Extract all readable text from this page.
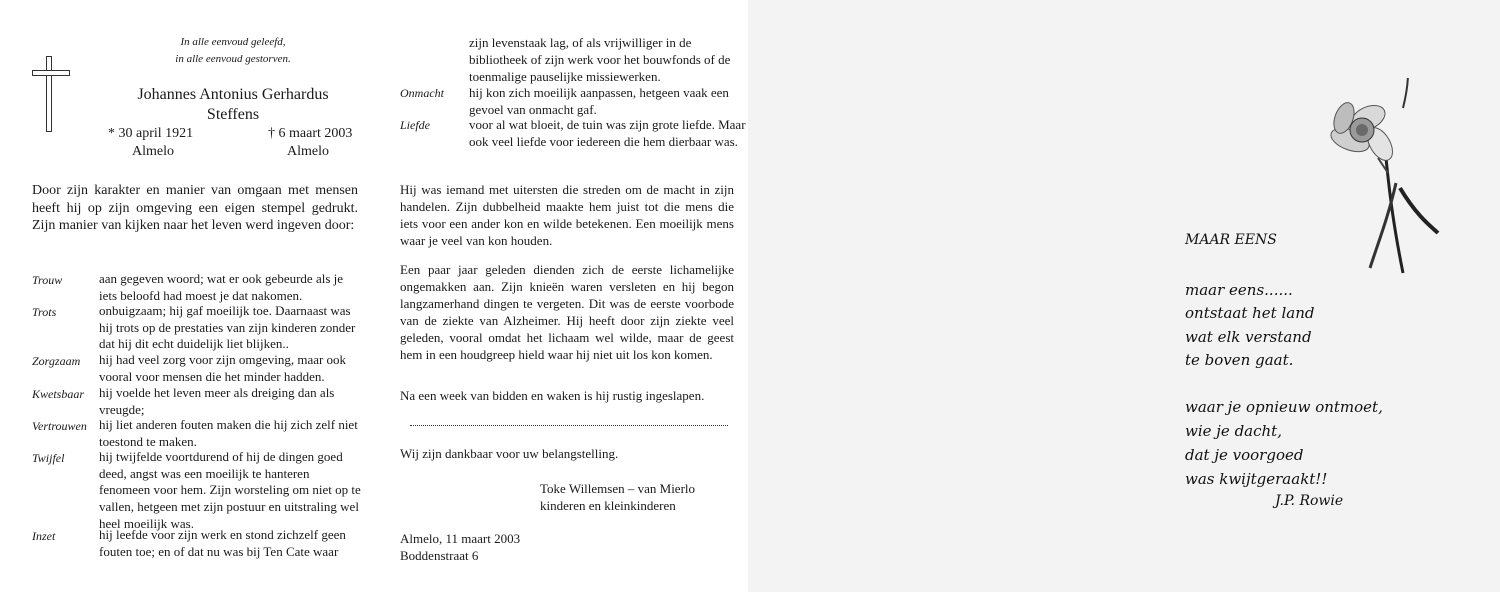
In alle eenvoud geleefd,
in alle eenvoud gestorven.
Johannes Antonius Gerhardus
Steffens
* 30 april 1921
Almelo
† 6 maart 2003
Almelo
Door zijn karakter en manier van omgaan met mensen heeft hij op zijn omgeving een eigen stempel gedrukt. Zijn manier van kijken naar het leven werd ingeven door:
Trouw	aan gegeven woord; wat er ook gebeurde als je iets beloofd had moest je dat nakomen.
Trots	onbuigzaam; hij gaf moeilijk toe. Daarnaast was hij trots op de prestaties van zijn kinderen zonder dat hij dit echt duidelijk liet blijken..
Zorgzaam hij had veel zorg voor zijn omgeving, maar ook vooral voor mensen die het minder hadden.
Kwetsbaar hij voelde het leven meer als dreiging dan als vreugde;
Vertrouwen hij liet anderen fouten maken die hij zich zelf niet toestond te maken.
Twijfel	hij twijfelde voortdurend of hij de dingen goed deed, angst was een moeilijk te hanteren fenomeen voor hem. Zijn worsteling om niet op te vallen, hetgeen met zijn postuur en uitstraling wel heel moeilijk was.
Inzet	hij leefde voor zijn werk en stond zichzelf geen fouten toe; en of dat nu was bij Ten Cate waar
zijn levenstaak lag, of als vrijwilliger in de bibliotheek of zijn werk voor het bouwfonds of de toenmalige pauselijke missiewerken.
Onmacht hij kon zich moeilijk aanpassen, hetgeen vaak een gevoel van onmacht gaf.
Liefde	voor al wat bloeit, de tuin was zijn grote liefde. Maar ook veel liefde voor iedereen die hem dierbaar was.
Hij was iemand met uitersten die streden om de macht in zijn handelen. Zijn dubbelheid maakte hem juist tot die mens die iets voor een ander kon en wilde betekenen. Een moeilijk mens waar je veel van kon houden.
Een paar jaar geleden dienden zich de eerste lichamelijke ongemakken aan. Zijn knieën waren versleten en hij begon langzamerhand dingen te vergeten. Dit was de eerste voorbode van de ziekte van Alzheimer. Hij heeft door zijn ziekte veel geleden, vooral omdat het lichaam wel wilde, maar de geest hem in een houdgreep hield waar hij niet uit los kon komen.
Na een week van bidden en waken is hij rustig ingeslapen.
Wij zijn dankbaar voor uw belangstelling.
Toke Willemsen – van Mierlo
kinderen en kleinkinderen
Almelo, 11 maart 2003
Boddenstraat 6
MAAR EENS
maar eens......
ontstaat het land
wat elk verstand
te boven gaat.
waar je opnieuw ontmoet,
wie je dacht,
dat je voorgoed
was kwijtgeraakt!!
J.P. Rowie
